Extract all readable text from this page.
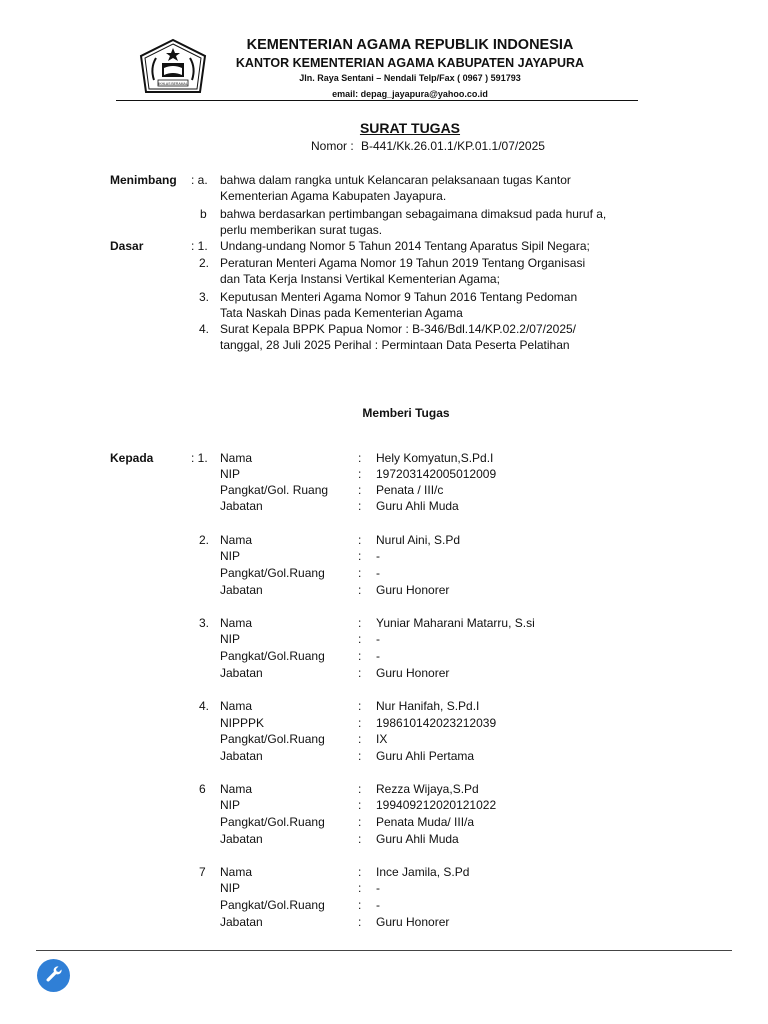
IKHLAS BERAMAL
KEMENTERIAN AGAMA REPUBLIK INDONESIA
KANTOR KEMENTERIAN AGAMA KABUPATEN JAYAPURA
Jln. Raya Sentani – Nendali Telp/Fax ( 0967 ) 591793
email: depag_jayapura@yahoo.co.id
SURAT TUGAS
Nomor : B-441/Kk.26.01.1/KP.01.1/07/2025
Menimbang : a. bahwa dalam rangka untuk Kelancaran pelaksanaan tugas Kantor
Kementerian Agama Kabupaten Jayapura.
b bahwa berdasarkan pertimbangan sebagaimana dimaksud pada huruf a,
perlu memberikan surat tugas.
Dasar	: 1. Undang-undang Nomor 5 Tahun 2014 Tentang Aparatus Sipil Negara;
2. Peraturan Menteri Agama Nomor 19 Tahun 2019 Tentang Organisasi
dan Tata Kerja Instansi Vertikal Kementerian Agama;
3. Keputusan Menteri Agama Nomor 9 Tahun 2016 Tentang Pedoman
Tata Naskah Dinas pada Kementerian Agama
4. Surat Kepala BPPK Papua Nomor : B-346/Bdl.14/KP.02.2/07/2025/
tanggal, 28 Juli 2025 Perihal : Permintaan Data Peserta Pelatihan
Memberi Tugas
Kepada	: 1. Nama	: Hely Komyatun,S.Pd.I
NIP	: 197203142005012009
Pangkat/Gol. Ruang : Penata / III/c
Jabatan	: Guru Ahli Muda
2. Nama	: Nurul Aini, S.Pd
NIP	: -
Pangkat/Gol.Ruang	: -
Jabatan	: Guru Honorer
3. Nama	: Yuniar Maharani Matarru, S.si
NIP	: -
Pangkat/Gol.Ruang	: -
Jabatan	: Guru Honorer
4. Nama	: Nur Hanifah, S.Pd.I
NIPPPK	: 198610142023212039
Pangkat/Gol.Ruang	: IX
Jabatan	: Guru Ahli Pertama
6 Nama	: Rezza Wijaya,S.Pd
NIP	: 199409212020121022
Pangkat/Gol.Ruang	: Penata Muda/ III/a
Jabatan	: Guru Ahli Muda
7 Nama	: Ince Jamila, S.Pd
NIP	: -
Pangkat/Gol.Ruang	: -
Jabatan	: Guru Honorer
